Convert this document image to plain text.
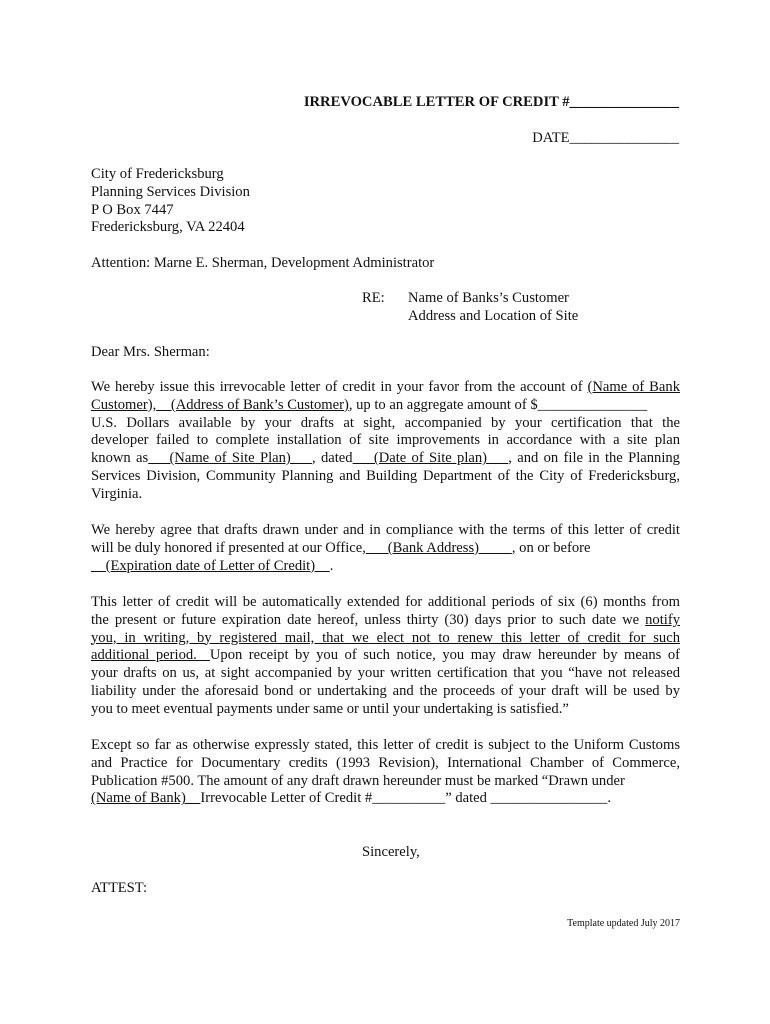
IRREVOCABLE LETTER OF CREDIT #_______________
DATE_______________
City of Fredericksburg
Planning Services Division
P O Box 7447
Fredericksburg, VA 22404
Attention: Marne E. Sherman, Development Administrator
RE: Name of Banks’s Customer
Address and Location of Site
Dear Mrs. Sherman:
We hereby issue this irrevocable letter of credit in your favor from the account of (Name of Bank
Customer),    (Address of Bank’s Customer), up to an aggregate amount of $_______________
U.S. Dollars available by your drafts at sight, accompanied by your certification that the
developer failed to complete installation of site improvements in accordance with a site plan
known as    (Name of Site Plan)    , dated    (Date of Site plan)    , and on file in the Planning
Services Division, Community Planning and Building Department of the City of Fredericksburg,
Virginia.
We hereby agree that drafts drawn under and in compliance with the terms of this letter of credit
will be duly honored if presented at our Office,      (Bank Address)         , on or before
(Expiration date of Letter of Credit)    .
This letter of credit will be automatically extended for additional periods of six (6) months from
the present or future expiration date hereof, unless thirty (30) days prior to such date we notify
you, in writing, by registered mail, that we elect not to renew this letter of credit for such
additional period.  Upon receipt by you of such notice, you may draw hereunder by means of
your drafts on us, at sight accompanied by your written certification that you “have not released
liability under the aforesaid bond or undertaking and the proceeds of your draft will be used by
you to meet eventual payments under same or until your undertaking is satisfied.”
Except so far as otherwise expressly stated, this letter of credit is subject to the Uniform Customs
and Practice for Documentary credits (1993 Revision), International Chamber of Commerce,
Publication #500. The amount of any draft drawn hereunder must be marked “Drawn under
(Name of Bank)    Irrevocable Letter of Credit #__________” dated ________________.
Sincerely,
ATTEST:
Template updated July 2017
